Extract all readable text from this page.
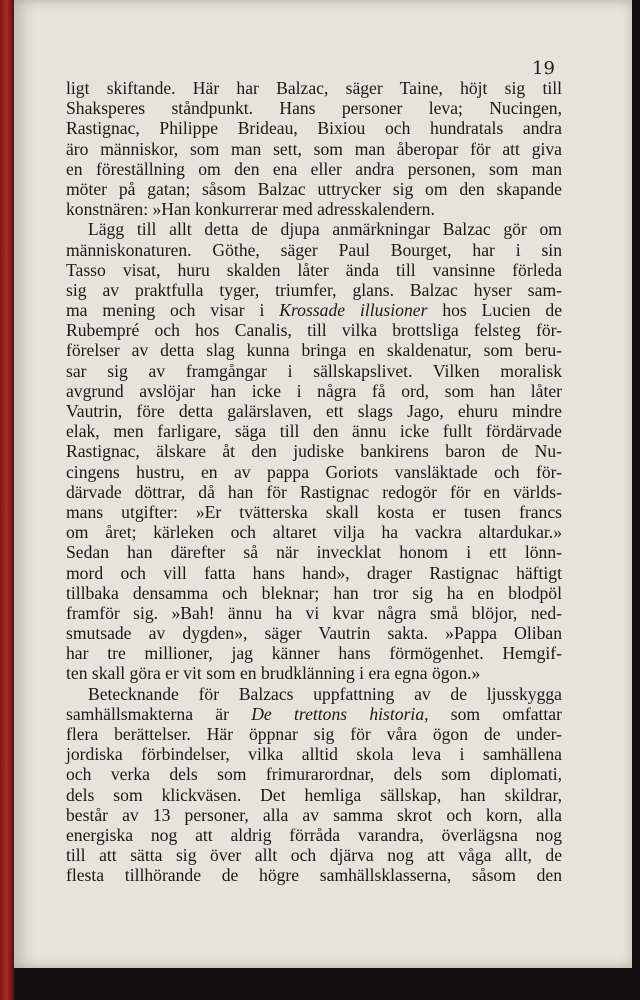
19

ligt skiftande. Här har Balzac, säger Taine, höjt sig till
Shaksperes ståndpunkt. Hans personer leva; Nucingen,
Rastignac, Philippe Brideau, Bixiou och hundratals andra
äro människor, som man sett, som man åberopar för att giva
en föreställning om den ena eller andra personen, som man
möter på gatan; såsom Balzac uttrycker sig om den skapande
konstnären: »Han konkurrerar med adresskalendern.
Lägg till allt detta de djupa anmärkningar Balzac gör om
människonaturen. Göthe, säger Paul Bourget, har i sin
Tasso visat, huru skalden låter ända till vansinne förleda
sig av praktfulla tyger, triumfer, glans. Balzac hyser sam-
ma mening och visar i Krossade illusioner hos Lucien de
Rubempré och hos Canalis, till vilka brottsliga felsteg för-
förelser av detta slag kunna bringa en skaldenatur, som beru-
sar sig av framgångar i sällskapslivet. Vilken moralisk
avgrund avslöjar han icke i några få ord, som han låter
Vautrin, före detta galärslaven, ett slags Jago, ehuru mindre
elak, men farligare, säga till den ännu icke fullt fördärvade
Rastignac, älskare åt den judiske bankirens baron de Nu-
cingens hustru, en av pappa Goriots vansläktade och för-
därvade döttrar, då han för Rastignac redogör för en världs-
mans utgifter: »Er tvätterska skall kosta er tusen francs
om året; kärleken och altaret vilja ha vackra altardukar.»
Sedan han därefter så när invecklat honom i ett lönn-
mord och vill fatta hans hand», drager Rastignac häftigt
tillbaka densamma och bleknar; han tror sig ha en blodpöl
framför sig. »Bah! ännu ha vi kvar några små blöjor, ned-
smutsade av dygden», säger Vautrin sakta. »Pappa Oliban
har tre millioner, jag känner hans förmögenhet. Hemgif-
ten skall göra er vit som en brudklänning i era egna ögon.»
Betecknande för Balzacs uppfattning av de ljusskygga
samhällsmakterna är De trettons historia, som omfattar
flera berättelser. Här öppnar sig för våra ögon de under-
jordiska förbindelser, vilka alltid skola leva i samhällena
och verka dels som frimurarordnar, dels som diplomati,
dels som klickväsen. Det hemliga sällskap, han skildrar,
består av 13 personer, alla av samma skrot och korn, alla
energiska nog att aldrig förråda varandra, överlägsna nog
till att sätta sig över allt och djärva nog att våga allt, de
flesta tillhörande de högre samhällsklasserna, såsom den
